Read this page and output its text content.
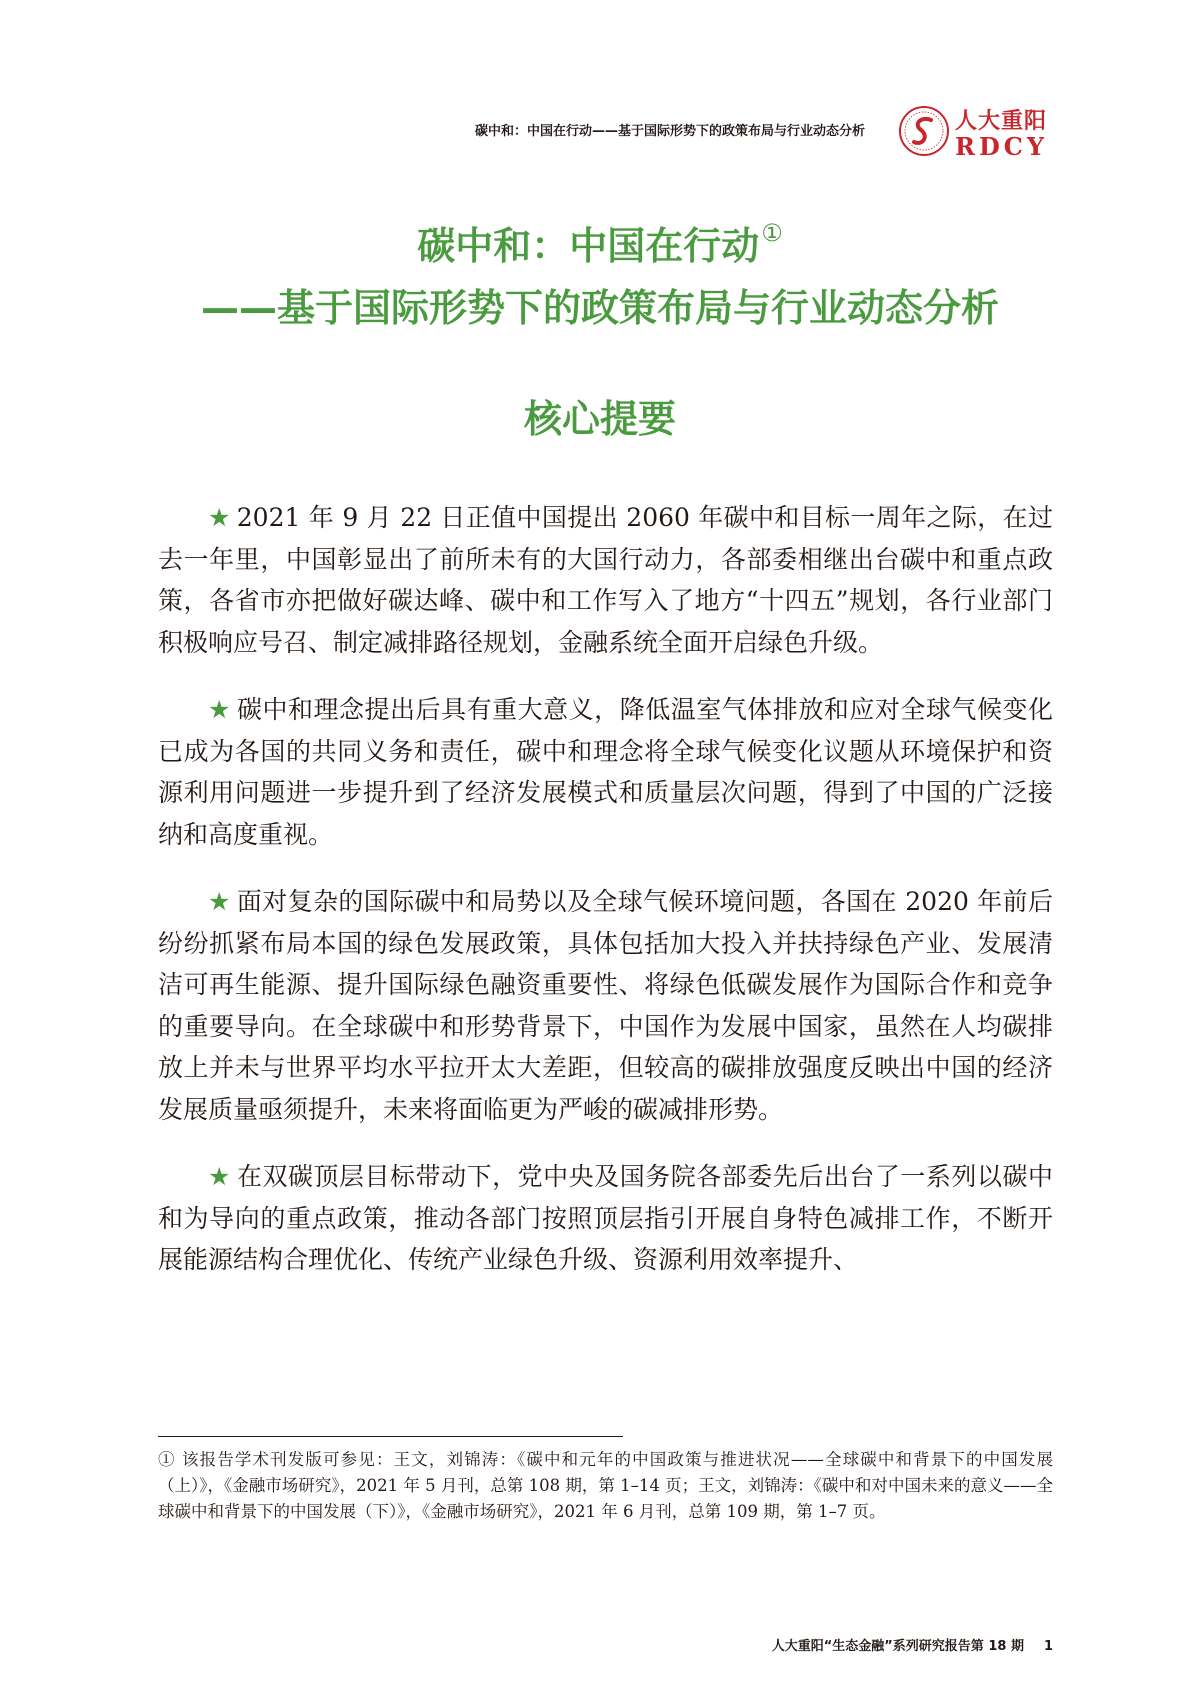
碳中和：中国在行动——基于国际形势下的政策布局与行业动态分析	人大重阳
RDCY
碳中和：中国在行动①
——基于国际形势下的政策布局与行业动态分析
核心提要

★ 2021 年 9 月 22 日正值中国提出 2060 年碳中和目标一周年之际，在过去一年里，中国彰显出了前所未有的大国行动力，各部委相继出台碳中和重点政策，各省市亦把做好碳达峰、碳中和工作写入了地方“十四五”规划，各行业部门积极响应号召、制定减排路径规划，金融系统全面开启绿色升级。

★ 碳中和理念提出后具有重大意义，降低温室气体排放和应对全球气候变化已成为各国的共同义务和责任，碳中和理念将全球气候变化议题从环境保护和资源利用问题进一步提升到了经济发展模式和质量层次问题，得到了中国的广泛接纳和高度重视。

★ 面对复杂的国际碳中和局势以及全球气候环境问题，各国在 2020 年前后纷纷抓紧布局本国的绿色发展政策，具体包括加大投入并扶持绿色产业、发展清洁可再生能源、提升国际绿色融资重要性、将绿色低碳发展作为国际合作和竞争的重要导向。在全球碳中和形势背景下，中国作为发展中国家，虽然在人均碳排放上并未与世界平均水平拉开太大差距，但较高的碳排放强度反映出中国的经济发展质量亟须提升，未来将面临更为严峻的碳减排形势。

★ 在双碳顶层目标带动下，党中央及国务院各部委先后出台了一系列以碳中和为导向的重点政策，推动各部门按照顶层指引开展自身特色减排工作，不断开展能源结构合理优化、传统产业绿色升级、资源利用效率提升、

① 该报告学术刊发版可参见：王文，刘锦涛：《碳中和元年的中国政策与推进状况——全球碳中和背景下的中国发展（上）》，《金融市场研究》，2021 年 5 月刊，总第 108 期，第 1–14 页；王文，刘锦涛：《碳中和对中国未来的意义——全球碳中和背景下的中国发展（下）》，《金融市场研究》，2021 年 6 月刊，总第 109 期，第 1–7 页。
人大重阳“生态金融”系列研究报告第 18 期 1
